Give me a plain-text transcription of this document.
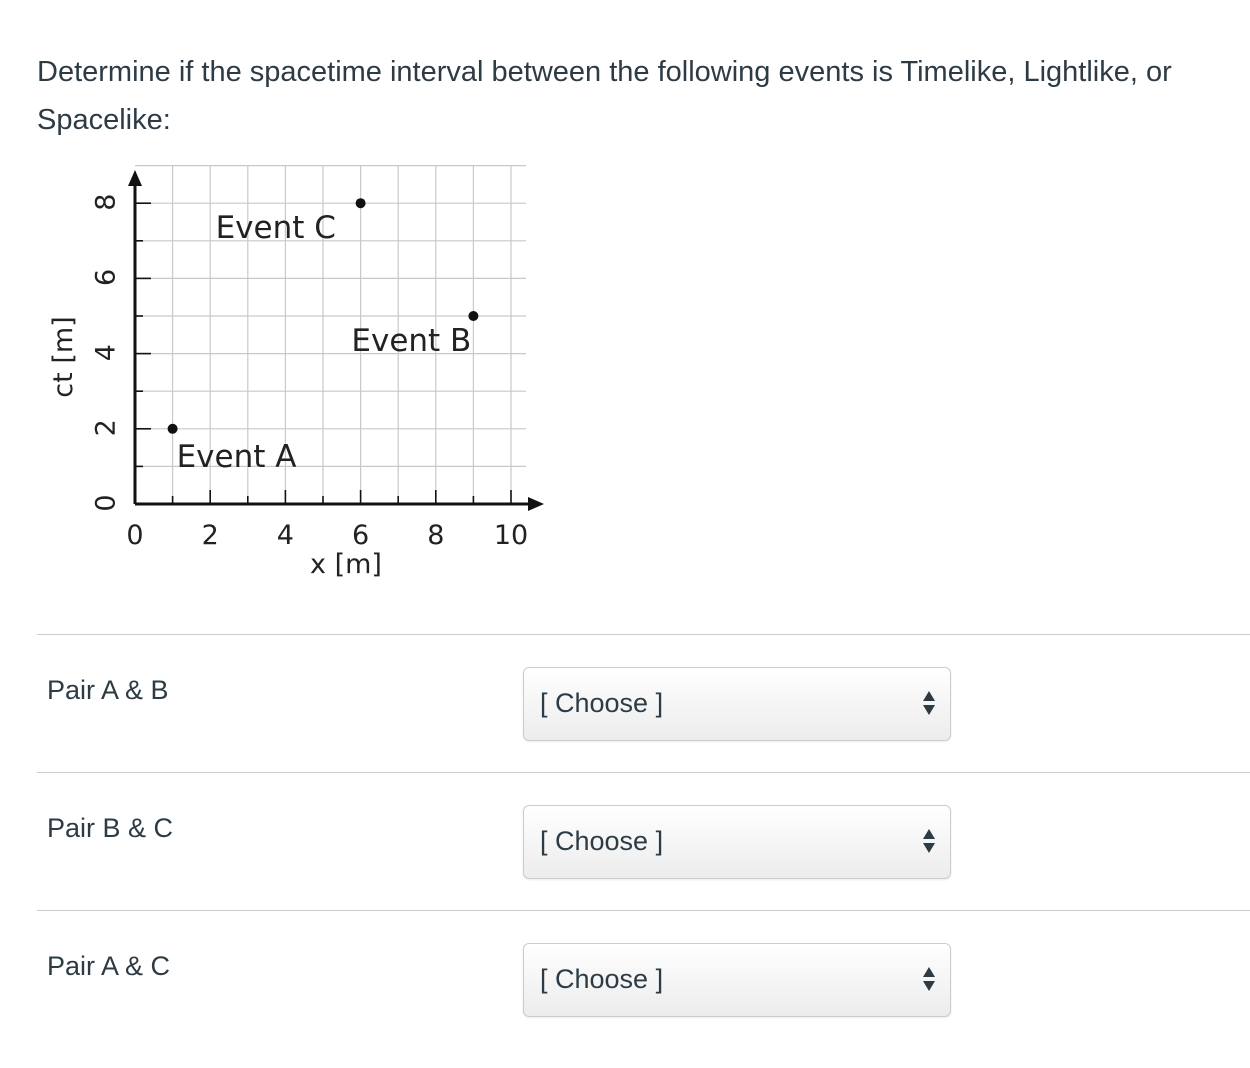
Determine if the spacetime interval between the following events is Timelike, Lightlike, or Spacelike:
0 2 4 6 8 10
0
2
4
6
8
ct [m]
x [m]
Event A
Event B
Event C
Pair A & B	[ Choose ]
Pair B & C	[ Choose ]
Pair A & C	[ Choose ]
